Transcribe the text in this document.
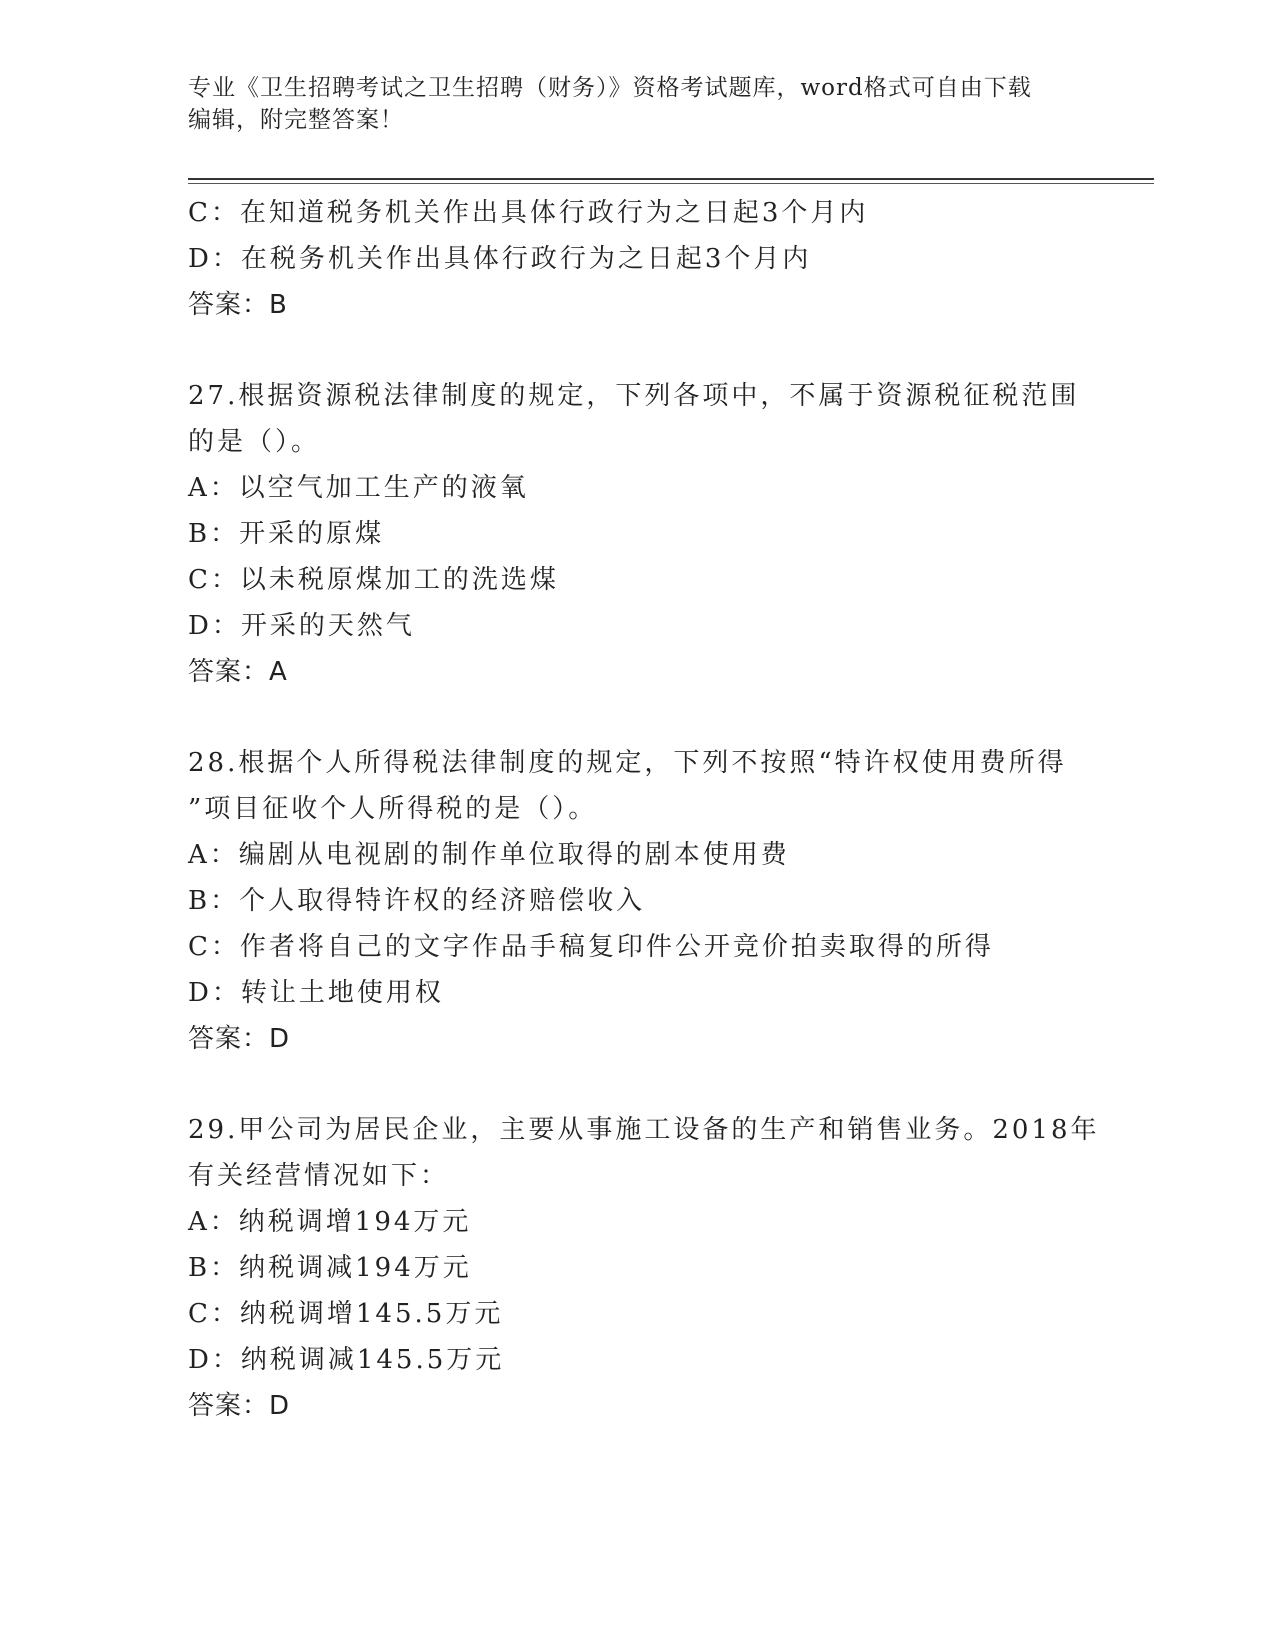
专业《卫生招聘考试之卫生招聘（财务）》资格考试题库，word格式可自由下载
编辑，附完整答案！
C：在知道税务机关作出具体行政行为之日起3个月内
D：在税务机关作出具体行政行为之日起3个月内
答案：B
27.根据资源税法律制度的规定，下列各项中，不属于资源税征税范围
的是（）。
A：以空气加工生产的液氧
B：开采的原煤
C：以未税原煤加工的洗选煤
D：开采的天然气
答案：A
28.根据个人所得税法律制度的规定，下列不按照“特许权使用费所得
”项目征收个人所得税的是（）。
A：编剧从电视剧的制作单位取得的剧本使用费
B：个人取得特许权的经济赔偿收入
C：作者将自己的文字作品手稿复印件公开竞价拍卖取得的所得
D：转让土地使用权
答案：D
29.甲公司为居民企业，主要从事施工设备的生产和销售业务。2018年
有关经营情况如下：
A：纳税调增194万元
B：纳税调减194万元
C：纳税调增145.5万元
D：纳税调减145.5万元
答案：D
